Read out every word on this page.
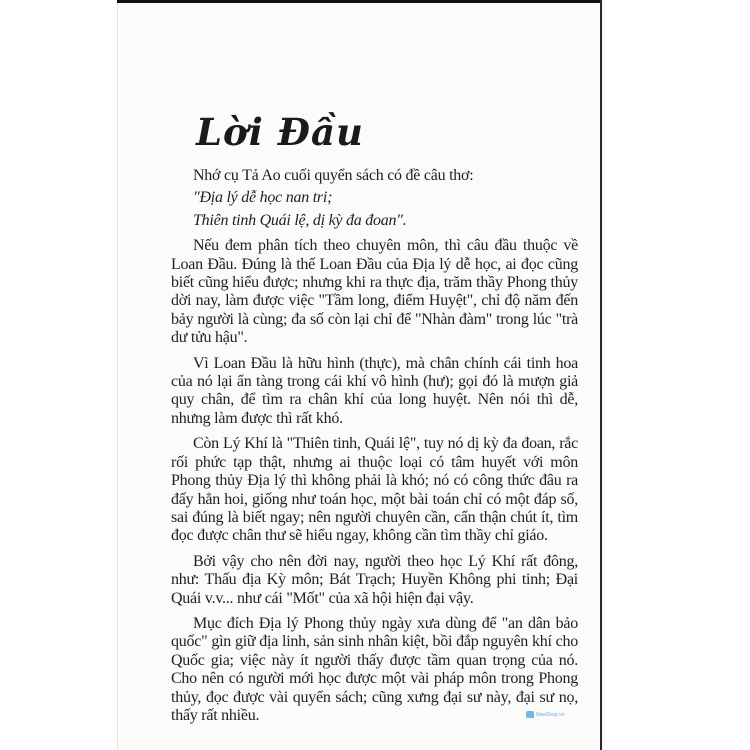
Lời Đầu

Nhớ cụ Tả Ao cuối quyển sách có đề câu thơ:

"Địa lý dễ học nan tri;

Thiên tinh Quái lệ, dị kỳ đa đoan".

Nếu đem phân tích theo chuyên môn, thì câu đầu thuộc về Loan Đầu. Đúng là thế Loan Đầu của Địa lý dễ học, ai đọc cũng biết cũng hiểu được; nhưng khi ra thực địa, trăm thầy Phong thủy dời nay, làm được việc "Tầm long, điểm Huyệt", chỉ độ năm đến bảy người là cùng; đa số còn lại chỉ để "Nhàn đàm" trong lúc "trà dư tửu hậu".

Vì Loan Đầu là hữu hình (thực), mà chân chính cái tinh hoa của nó lại ẩn tàng trong cái khí vô hình (hư); gọi đó là mượn giả quy chân, để tìm ra chân khí của long huyệt. Nên nói thì dễ, nhưng làm được thì rất khó.

Còn Lý Khí là "Thiên tinh, Quái lệ", tuy nó dị kỳ đa đoan, rắc rối phức tạp thật, nhưng ai thuộc loại có tâm huyết với môn Phong thủy Địa lý thì không phải là khó; nó có công thức đâu ra đấy hẳn hoi, giống như toán học, một bài toán chỉ có một đáp số, sai đúng là biết ngay; nên người chuyên cần, cẩn thận chút ít, tìm đọc được chân thư sẽ hiểu ngay, không cần tìm thầy chỉ giáo.

Bởi vậy cho nên đời nay, người theo học Lý Khí rất đông, như: Thấu địa Kỳ môn; Bát Trạch; Huyền Không phi tinh; Đại Quái v.v... như cái "Mốt" của xã hội hiện đại vậy.

Mục đích Địa lý Phong thủy ngày xưa dùng để "an dân bảo quốc" gìn giữ địa linh, sản sinh nhân kiệt, bồi đắp nguyên khí cho Quốc gia; việc này ít người thấy được tầm quan trọng của nó. Cho nên có người mới học được một vài pháp môn trong Phong thủy, đọc được vài quyển sách; cũng xưng đại sư này, đại sư nọ, thấy rất nhiều.	NewShop.vn
